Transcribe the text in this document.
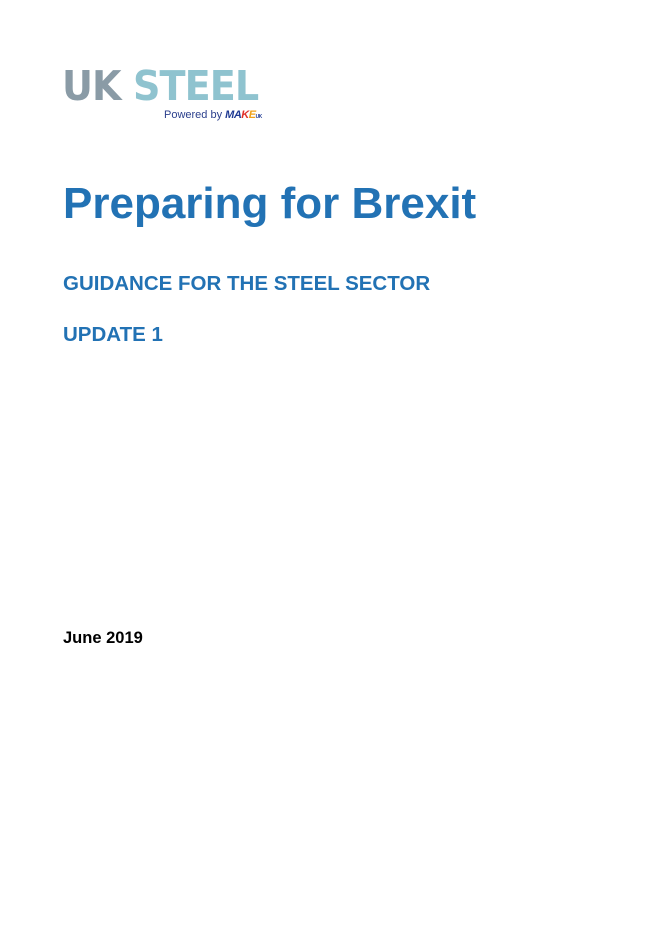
UK STEEL
Powered by MAKEUK
Preparing for Brexit
GUIDANCE FOR THE STEEL SECTOR
UPDATE 1

June 2019
